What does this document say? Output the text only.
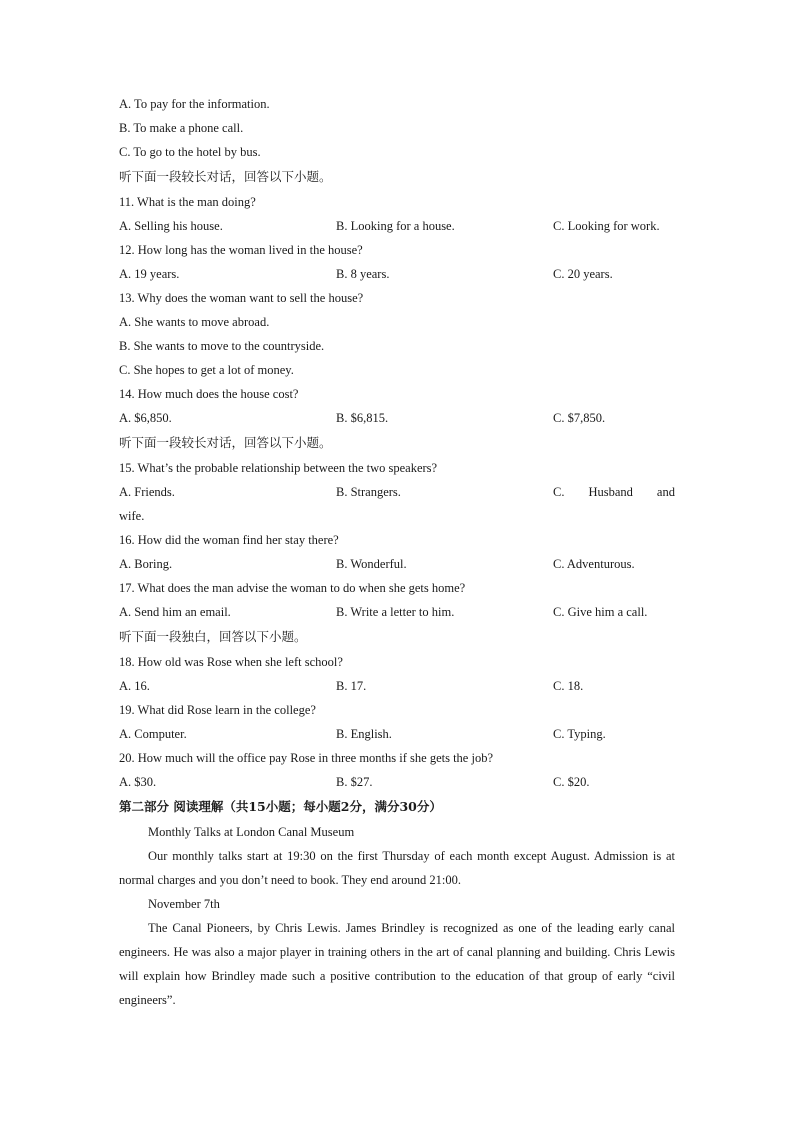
A. To pay for the information.
B. To make a phone call.
C. To go to the hotel by bus.
听下面一段较长对话，回答以下小题。
11. What is the man doing?
A. Selling his house.	B. Looking for a house.	C. Looking for work.
12. How long has the woman lived in the house?
A. 19 years.	B. 8 years.	C. 20 years.
13. Why does the woman want to sell the house?
A. She wants to move abroad.
B. She wants to move to the countryside.
C. She hopes to get a lot of money.
14. How much does the house cost?
A. $6,850.	B. $6,815.	C. $7,850.
听下面一段较长对话，回答以下小题。
15. What’s the probable relationship between the two speakers?
A. Friends.	B. Strangers.	C. Husband and
wife.
16. How did the woman find her stay there?
A. Boring.	B. Wonderful.	C. Adventurous.
17. What does the man advise the woman to do when she gets home?
A. Send him an email.	B. Write a letter to him.	C. Give him a call.
听下面一段独白，回答以下小题。
18. How old was Rose when she left school?
A. 16.	B. 17.	C. 18.
19. What did Rose learn in the college?
A. Computer.	B. English.	C. Typing.
20. How much will the office pay Rose in three months if she gets the job?
A. $30.	B. $27.	C. $20.
第二部分 阅读理解（共15小题；每小题2分，满分30分）
Monthly Talks at London Canal Museum
Our monthly talks start at 19:30 on the first Thursday of each month except August. Admission is at normal charges and you don’t need to book. They end around 21:00.
November 7th
The Canal Pioneers, by Chris Lewis. James Brindley is recognized as one of the leading early canal engineers. He was also a major player in training others in the art of canal planning and building. Chris Lewis will explain how Brindley made such a positive contribution to the education of that group of early “civil engineers”.
